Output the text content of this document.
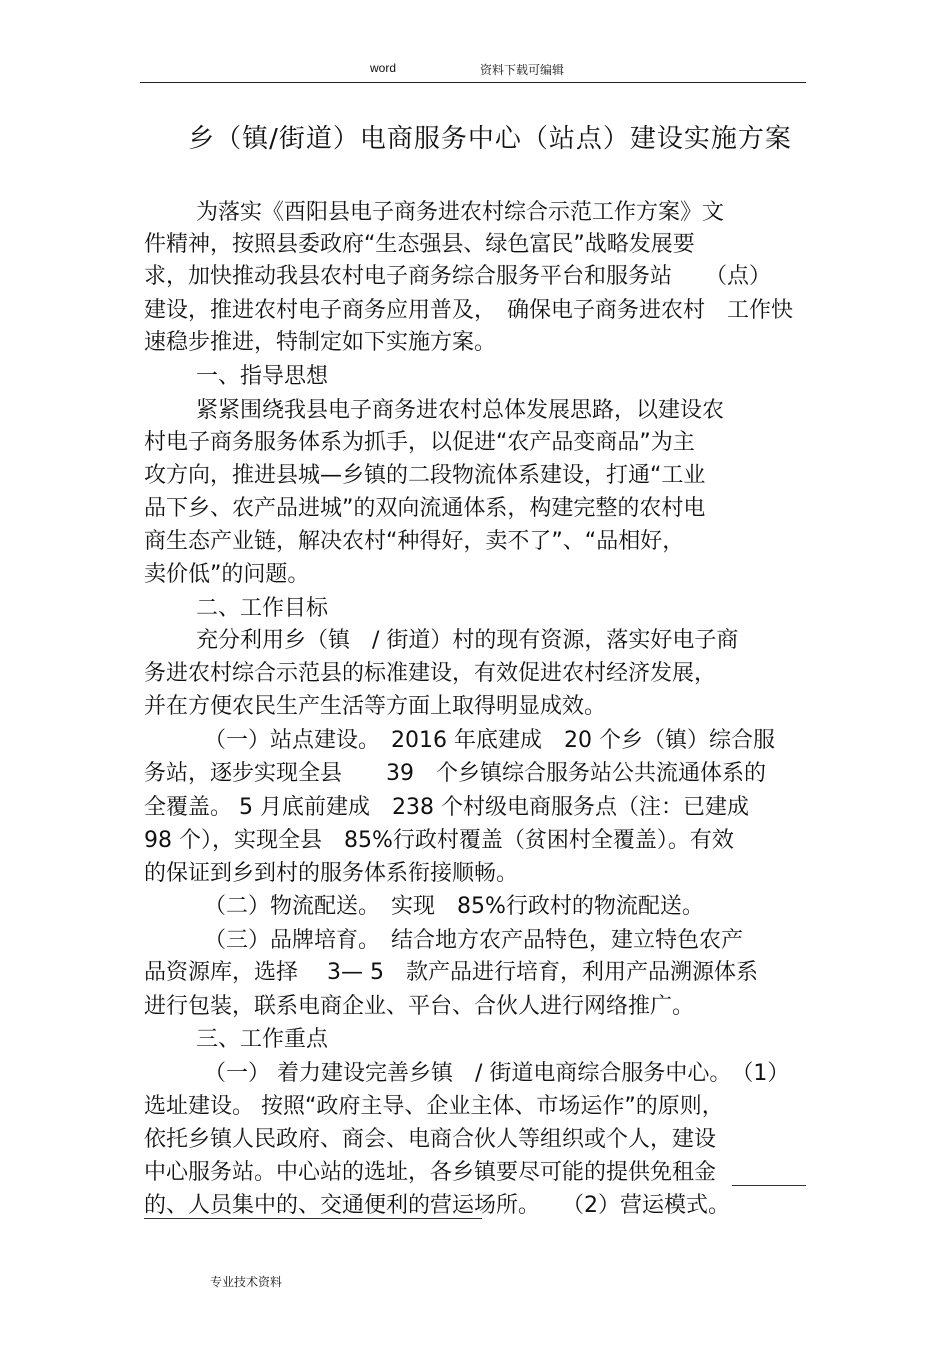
word	资料下载可编辑
乡（镇/街道）电商服务中心（站点）建设实施方案

为落实《酉阳县电子商务进农村综合示范工作方案》文

件精神，按照县委政府“生态强县、绿色富民”战略发展要

求，加快推动我县农村电子商务综合服务平台和服务站　　（点）

建设，推进农村电子商务应用普及，　确保电子商务进农村　工作快

速稳步推进，特制定如下实施方案。

一、指导思想

紧紧围绕我县电子商务进农村总体发展思路，以建设农

村电子商务服务体系为抓手，以促进“农产品变商品”为主

攻方向，推进县城—乡镇的二段物流体系建设，打通“工业

品下乡、农产品进城”的双向流通体系，构建完整的农村电

商生态产业链，解决农村“种得好，卖不了”、“品相好，

卖价低”的问题。

二、工作目标

充分利用乡（镇　/ 街道）村的现有资源，落实好电子商

务进农村综合示范县的标准建设，有效促进农村经济发展，

并在方便农民生产生活等方面上取得明显成效。

（一）站点建设。　2016 年底建成　20 个乡（镇）综合服

务站，逐步实现全县　　39　个乡镇综合服务站公共流通体系的

全覆盖。 5 月底前建成　238 个村级电商服务点（注：已建成

98 个），实现全县　85%行政村覆盖（贫困村全覆盖）。有效

的保证到乡到村的服务体系衔接顺畅。

（二）物流配送。　实现　85%行政村的物流配送。

（三）品牌培育。　结合地方农产品特色，建立特色农产

品资源库，选择　 3— 5　款产品进行培育，利用产品溯源体系

进行包装，联系电商企业、平台、合伙人进行网络推广。

三、工作重点

（一） 着力建设完善乡镇　/ 街道电商综合服务中心。　（1）

选址建设。 按照“政府主导、企业主体、市场运作”的原则，

依托乡镇人民政府、商会、电商合伙人等组织或个人，建设

中心服务站。中心站的选址，各乡镇要尽可能的提供免租金

的、人员集中的、交通便利的营运场所。　　（2）营运模式。

专业技术资料
